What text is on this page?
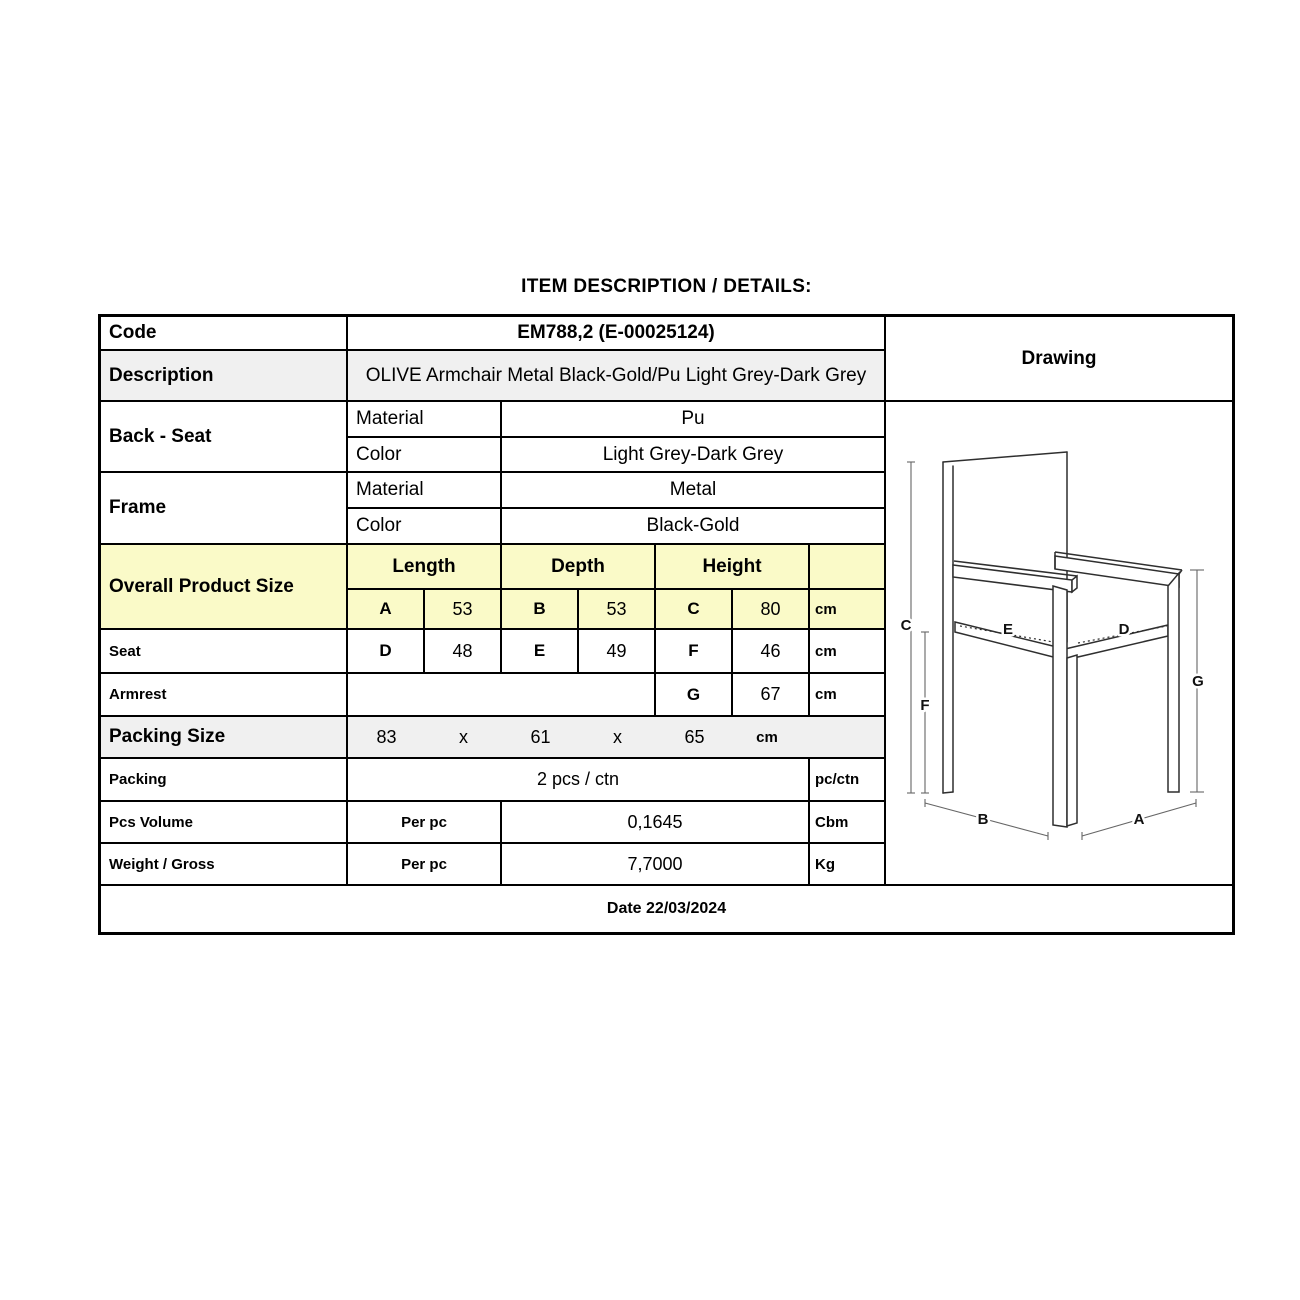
ITEM DESCRIPTION / DETAILS:
Code	EM788,2 (E-00025124)
Drawing
Description	OLIVE Armchair Metal Black-Gold/Pu Light Grey-Dark Grey
Back - Seat
Material	Pu
Color	Light Grey-Dark Grey
Frame
Material	Metal
Color	Black-Gold
C
F
E	D
G
B	A
Overall Product Size
Length	Depth	Height
A	53	B	53	C	80	cm
Seat	D	48	E	49	F	46	cm
Armrest	G	67	cm
Packing Size	83	x	61	x	65	cm
Packing	2 pcs / ctn	pc/ctn
Pcs Volume	Per pc	0,1645	Cbm
Weight / Gross	Per pc	7,7000	Kg
Date 22/03/2024
